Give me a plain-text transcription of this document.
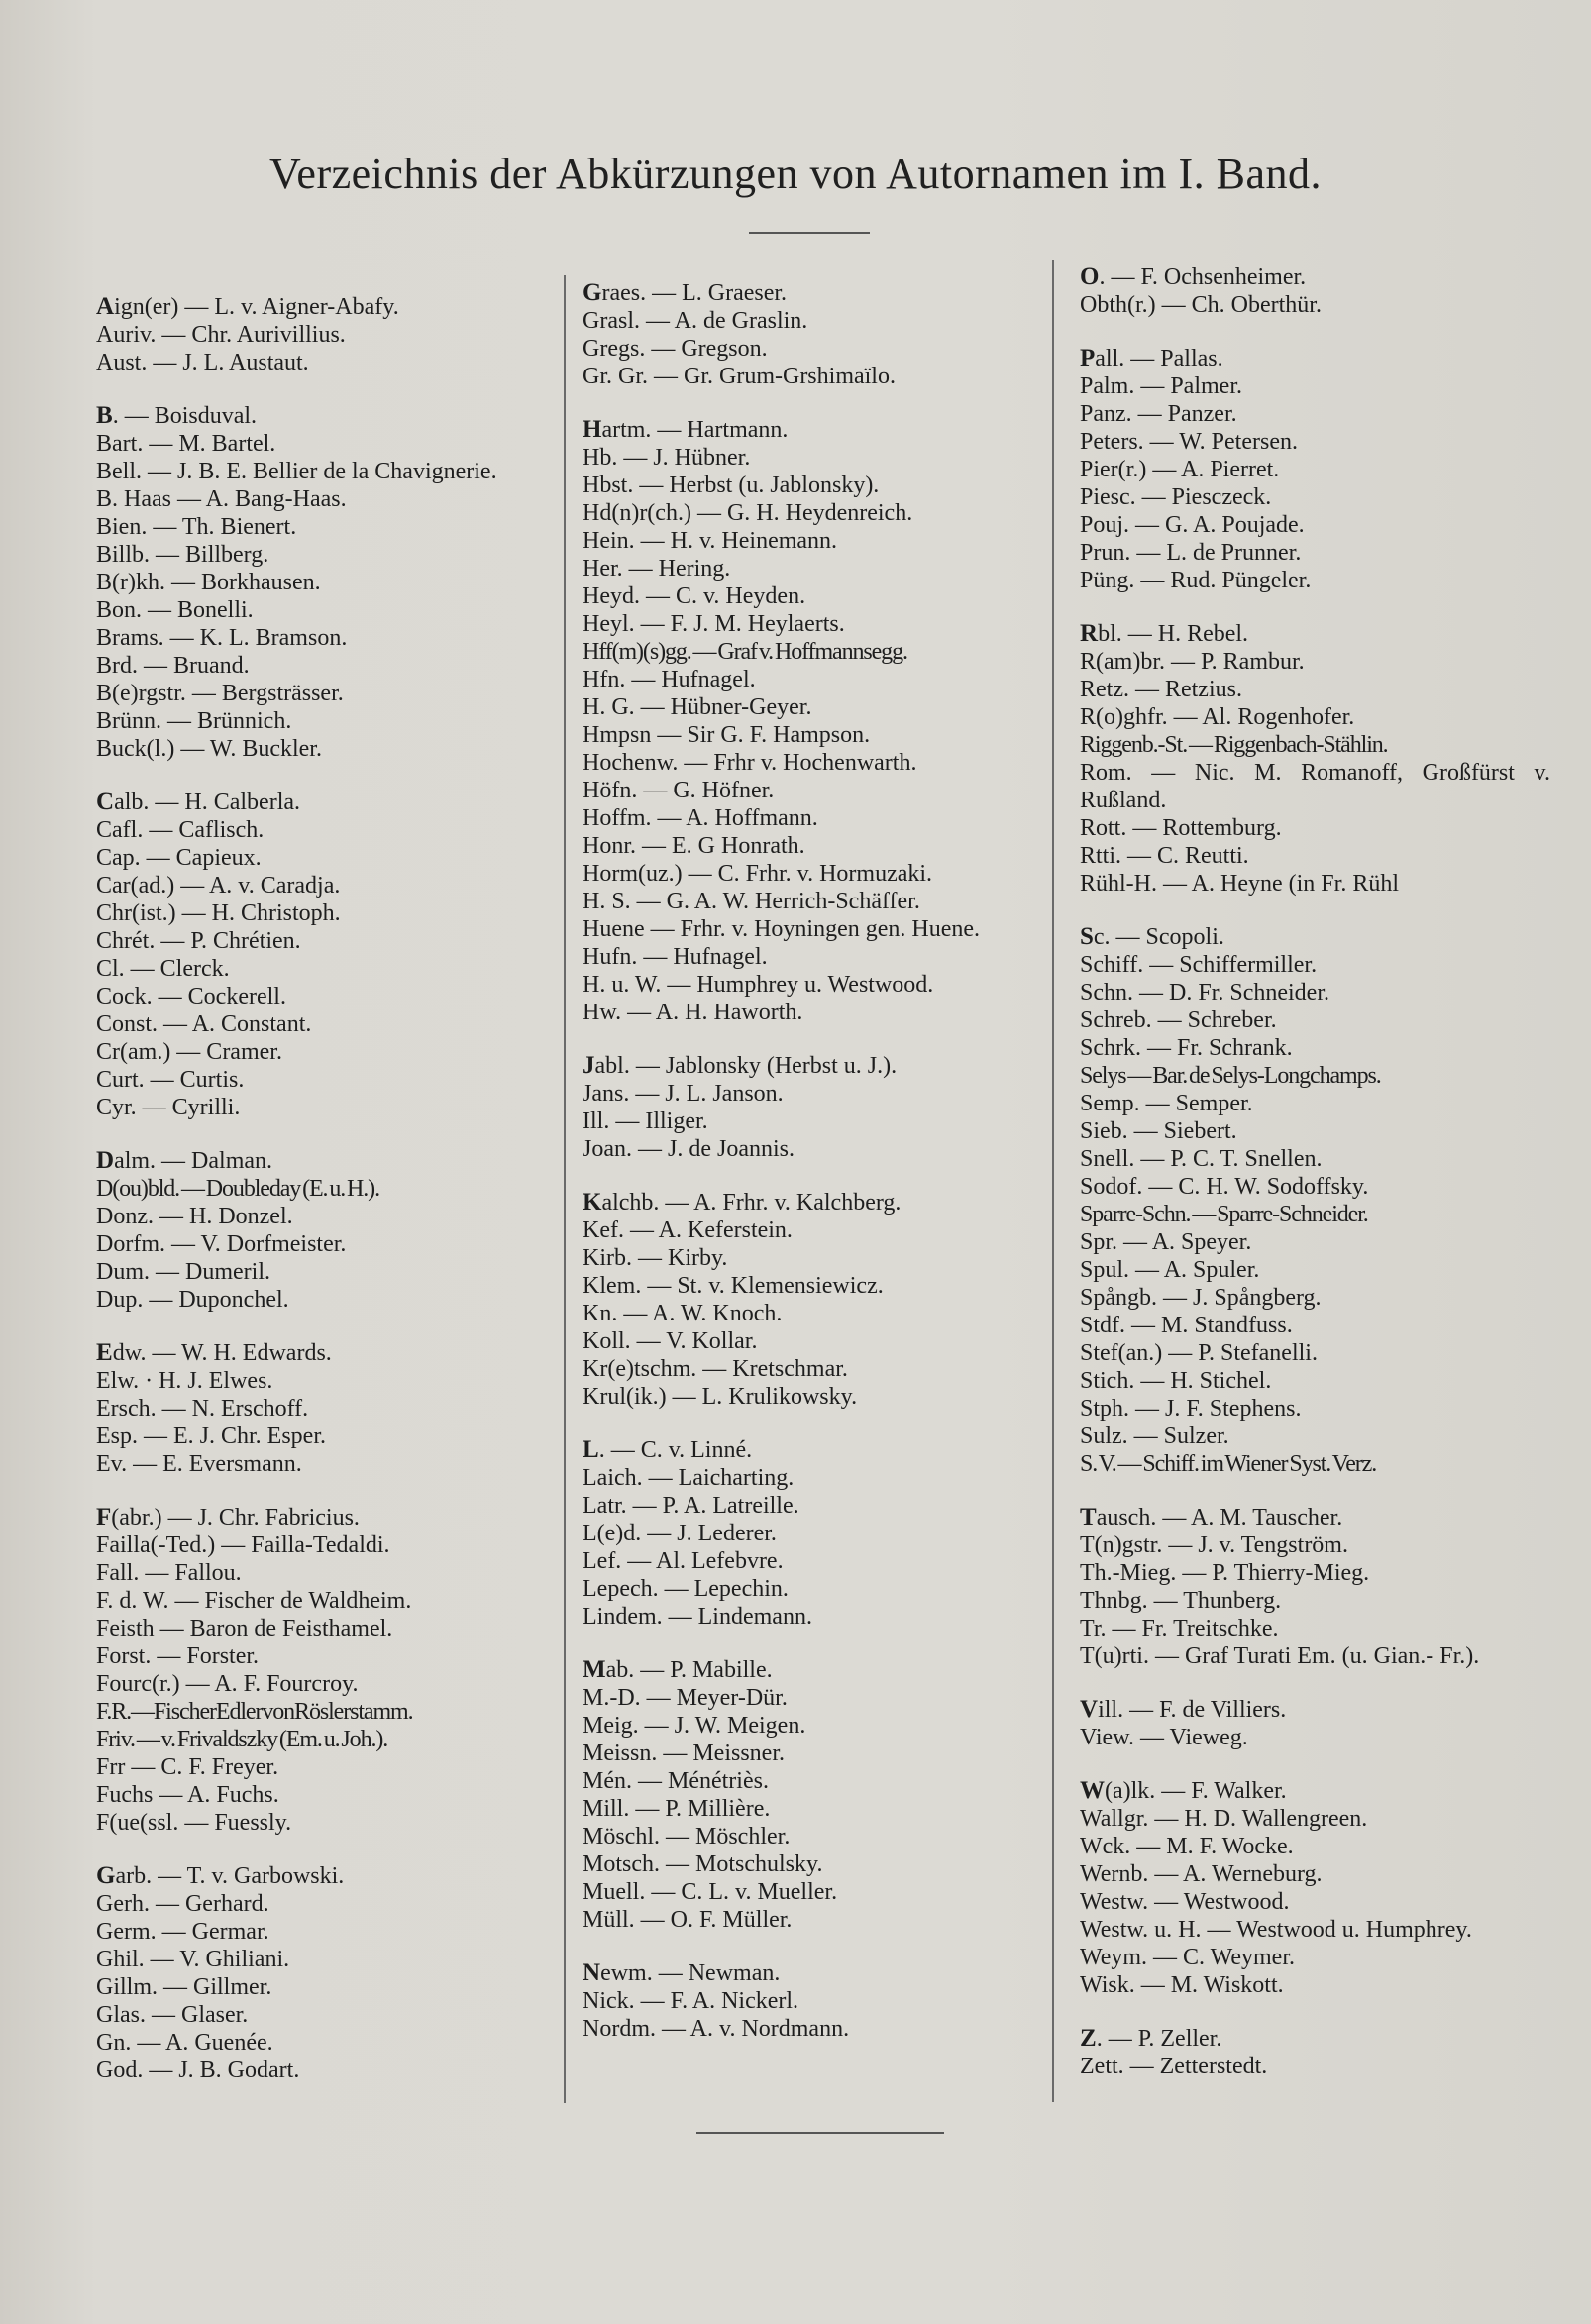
Verzeichnis der Abkürzungen von Autornamen im I. Band.
Aign(er) — L. v. Aigner-Abafy.
Auriv. — Chr. Aurivillius.
Aust. — J. L. Austaut.
B. — Boisduval.
Bart. — M. Bartel.
Bell. — J. B. E. Bellier de la Chavignerie.
B. Haas — A. Bang-Haas.
Bien. — Th. Bienert.
Billb. — Billberg.
B(r)kh. — Borkhausen.
Bon. — Bonelli.
Brams. — K. L. Bramson.
Brd. — Bruand.
B(e)rgstr. — Bergsträsser.
Brünn. — Brünnich.
Buck(l.) — W. Buckler.
Calb. — H. Calberla.
Cafl. — Caflisch.
Cap. — Capieux.
Car(ad.) — A. v. Caradja.
Chr(ist.) — H. Christoph.
Chrét. — P. Chrétien.
Cl. — Clerck.
Cock. — Cockerell.
Const. — A. Constant.
Cr(am.) — Cramer.
Curt. — Curtis.
Cyr. — Cyrilli.
Dalm. — Dalman.
D(ou)bld. — Doubleday (E. u. H.).
Donz. — H. Donzel.
Dorfm. — V. Dorfmeister.
Dum. — Dumeril.
Dup. — Duponchel.
Edw. — W. H. Edwards.
Elw. · H. J. Elwes.
Ersch. — N. Erschoff.
Esp. — E. J. Chr. Esper.
Ev. — E. Eversmann.
F(abr.) — J. Chr. Fabricius.
Failla(-Ted.) — Failla-Tedaldi.
Fall. — Fallou.
F. d. W. — Fischer de Waldheim.
Feisth — Baron de Feisthamel.
Forst. — Forster.
Fourc(r.) — A. F. Fourcroy.
F.R.—FischerEdlervonRöslerstamm.
Friv. — v. Frivaldszky (Em. u. Joh.).
Frr — C. F. Freyer.
Fuchs — A. Fuchs.
F(ue(ssl. — Fuessly.
Garb. — T. v. Garbowski.
Gerh. — Gerhard.
Germ. — Germar.
Ghil. — V. Ghiliani.
Gillm. — Gillmer.
Glas. — Glaser.
Gn. — A. Guenée.
God. — J. B. Godart.
Graes. — L. Graeser.
Grasl. — A. de Graslin.
Gregs. — Gregson.
Gr. Gr. — Gr. Grum-Grshimaïlo.
Hartm. — Hartmann.
Hb. — J. Hübner.
Hbst. — Herbst (u. Jablonsky).
Hd(n)r(ch.) — G. H. Heydenreich.
Hein. — H. v. Heinemann.
Her. — Hering.
Heyd. — C. v. Heyden.
Heyl. — F. J. M. Heylaerts.
Hff(m)(s)gg. — Graf v. Hoffmannsegg.
Hfn. — Hufnagel.
H. G. — Hübner-Geyer.
Hmpsn — Sir G. F. Hampson.
Hochenw. — Frhr v. Hochenwarth.
Höfn. — G. Höfner.
Hoffm. — A. Hoffmann.
Honr. — E. G Honrath.
Horm(uz.) — C. Frhr. v. Hormuzaki.
H. S. — G. A. W. Herrich-Schäffer.
Huene — Frhr. v. Hoyningen gen. Huene.
Hufn. — Hufnagel.
H. u. W. — Humphrey u. Westwood.
Hw. — A. H. Haworth.
Jabl. — Jablonsky (Herbst u. J.).
Jans. — J. L. Janson.
Ill. — Illiger.
Joan. — J. de Joannis.
Kalchb. — A. Frhr. v. Kalchberg.
Kef. — A. Keferstein.
Kirb. — Kirby.
Klem. — St. v. Klemensiewicz.
Kn. — A. W. Knoch.
Koll. — V. Kollar.
Kr(e)tschm. — Kretschmar.
Krul(ik.) — L. Krulikowsky.
L. — C. v. Linné.
Laich. — Laicharting.
Latr. — P. A. Latreille.
L(e)d. — J. Lederer.
Lef. — Al. Lefebvre.
Lepech. — Lepechin.
Lindem. — Lindemann.
Mab. — P. Mabille.
M.-D. — Meyer-Dür.
Meig. — J. W. Meigen.
Meissn. — Meissner.
Mén. — Ménétriès.
Mill. — P. Millière.
Möschl. — Möschler.
Motsch. — Motschulsky.
Muell. — C. L. v. Mueller.
Müll. — O. F. Müller.
Newm. — Newman.
Nick. — F. A. Nickerl.
Nordm. — A. v. Nordmann.
O. — F. Ochsenheimer.
Obth(r.) — Ch. Oberthür.
Pall. — Pallas.
Palm. — Palmer.
Panz. — Panzer.
Peters. — W. Petersen.
Pier(r.) — A. Pierret.
Piesc. — Piesczeck.
Pouj. — G. A. Poujade.
Prun. — L. de Prunner.
Püng. — Rud. Püngeler.
Rbl. — H. Rebel.
R(am)br. — P. Rambur.
Retz. — Retzius.
R(o)ghfr. — Al. Rogenhofer.
Riggenb.-St. — Riggenbach-Stählin.
Rom. — Nic. M. Romanoff, Großfürst v. Rußland.
Rott. — Rottemburg.
Rtti. — C. Reutti.
Rühl-H. — A. Heyne (in Fr. Rühl
Sc. — Scopoli.
Schiff. — Schiffermiller.
Schn. — D. Fr. Schneider.
Schreb. — Schreber.
Schrk. — Fr. Schrank.
Selys — Bar. de Selys-Longchamps.
Semp. — Semper.
Sieb. — Siebert.
Snell. — P. C. T. Snellen.
Sodof. — C. H. W. Sodoffsky.
Sparre-Schn. — Sparre-Schneider.
Spr. — A. Speyer.
Spul. — A. Spuler.
Spångb. — J. Spångberg.
Stdf. — M. Standfuss.
Stef(an.) — P. Stefanelli.
Stich. — H. Stichel.
Stph. — J. F. Stephens.
Sulz. — Sulzer.
S. V. — Schiff. im Wiener Syst. Verz.
Tausch. — A. M. Tauscher.
T(n)gstr. — J. v. Tengström.
Th.-Mieg. — P. Thierry-Mieg.
Thnbg. — Thunberg.
Tr. — Fr. Treitschke.
T(u)rti. — Graf Turati Em. (u. Gian.- Fr.).
Vill. — F. de Villiers.
View. — Vieweg.
W(a)lk. — F. Walker.
Wallgr. — H. D. Wallengreen.
Wck. — M. F. Wocke.
Wernb. — A. Werneburg.
Westw. — Westwood.
Westw. u. H. — Westwood u. Humphrey.
Weym. — C. Weymer.
Wisk. — M. Wiskott.
Z. — P. Zeller.
Zett. — Zetterstedt.
